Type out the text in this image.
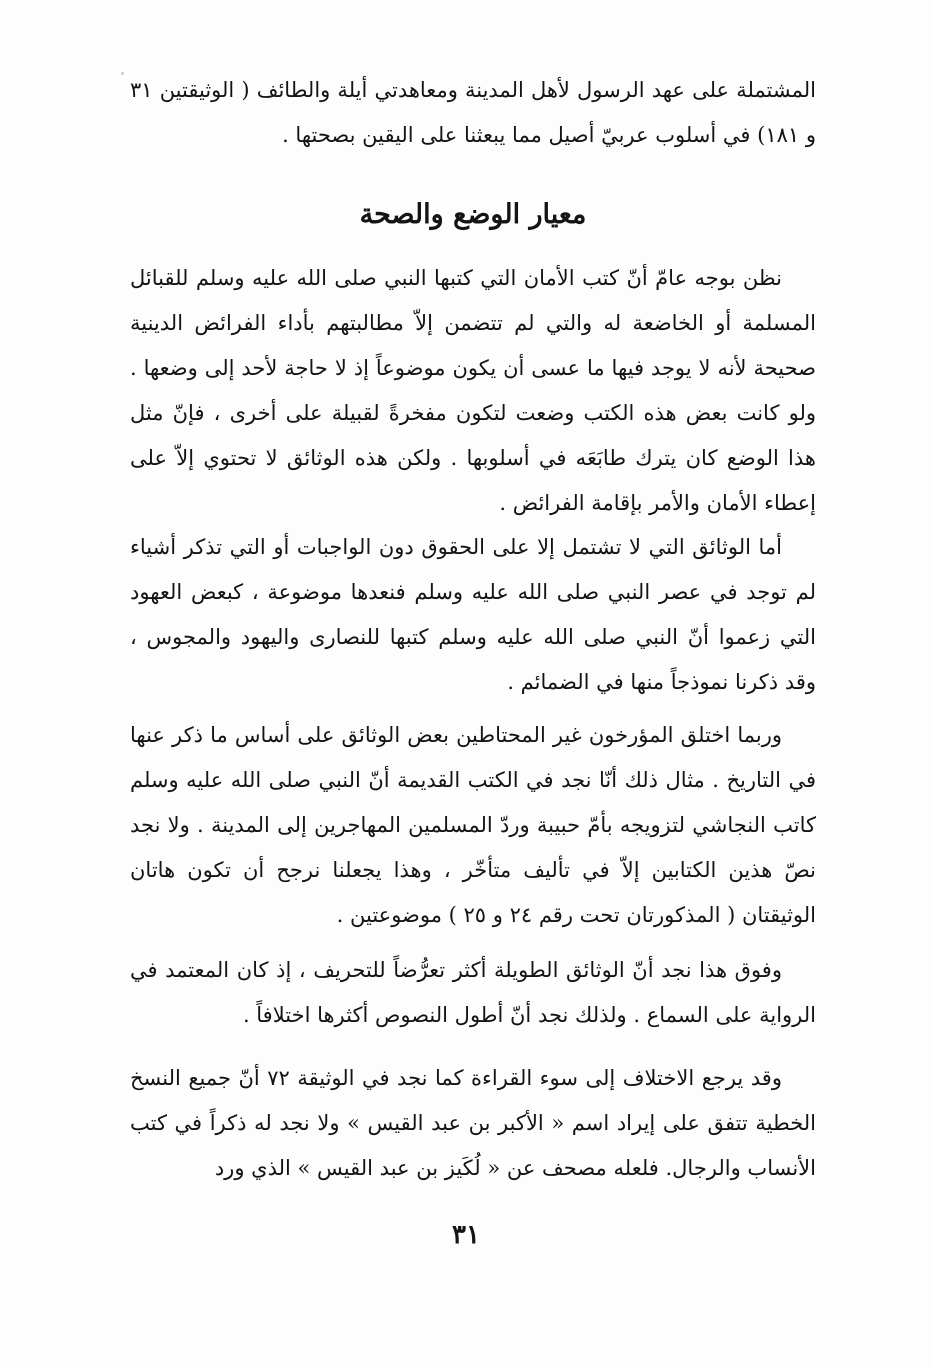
المشتملة على عهد الرسول لأهل المدينة ومعاهدتي أيلة والطائف ( الوثيقتين ٣١ و ١٨١) في أسلوب عربيّ أصيل مما يبعثنا على اليقين بصحتها .

معيار الوضع والصحة

نظن بوجه عامّ أنّ كتب الأمان التي كتبها النبي صلى الله عليه وسلم للقبائل المسلمة أو الخاضعة له والتي لم تتضمن إلاّ مطالبتهم بأداء الفرائض الدينية صحيحة لأنه لا يوجد فيها ما عسى أن يكون موضوعاً إذ لا حاجة لأحد إلى وضعها . ولو كانت بعض هذه الكتب وضعت لتكون مفخرةً لقبيلة على أخرى ، فإنّ مثل هذا الوضع كان يترك طابَعَه في أسلوبها . ولكن هذه الوثائق لا تحتوي إلاّ على إعطاء الأمان والأمر بإقامة الفرائض .

أما الوثائق التي لا تشتمل إلا على الحقوق دون الواجبات أو التي تذكر أشياء لم توجد في عصر النبي صلى الله عليه وسلم فنعدها موضوعة ، كبعض العهود التي زعموا أنّ النبي صلى الله عليه وسلم كتبها للنصارى واليهود والمجوس ، وقد ذكرنا نموذجاً منها في الضمائم .

وربما اختلق المؤرخون غير المحتاطين بعض الوثائق على أساس ما ذكر عنها في التاريخ . مثال ذلك أنّا نجد في الكتب القديمة أنّ النبي صلى الله عليه وسلم كاتب النجاشي لتزويجه بأمّ حبيبة وردّ المسلمين المهاجرين إلى المدينة . ولا نجد نصّ هذين الكتابين إلاّ في تأليف متأخّر ، وهذا يجعلنا نرجح أن تكون هاتان الوثيقتان ( المذكورتان تحت رقم ٢٤ و ٢٥ ) موضوعتين .

وفوق هذا نجد أنّ الوثائق الطويلة أكثر تعرُّضاً للتحريف ، إذ كان المعتمد في الرواية على السماع . ولذلك نجد أنّ أطول النصوص أكثرها اختلافاً .

وقد يرجع الاختلاف إلى سوء القراءة كما نجد في الوثيقة ٧٢ أنّ جميع النسخ الخطية تتفق على إيراد اسم « الأكبر بن عبد القيس » ولا نجد له ذكراً في كتب الأنساب والرجال. فلعله مصحف عن « لُكَيز بن عبد القيس » الذي ورد

٣١
